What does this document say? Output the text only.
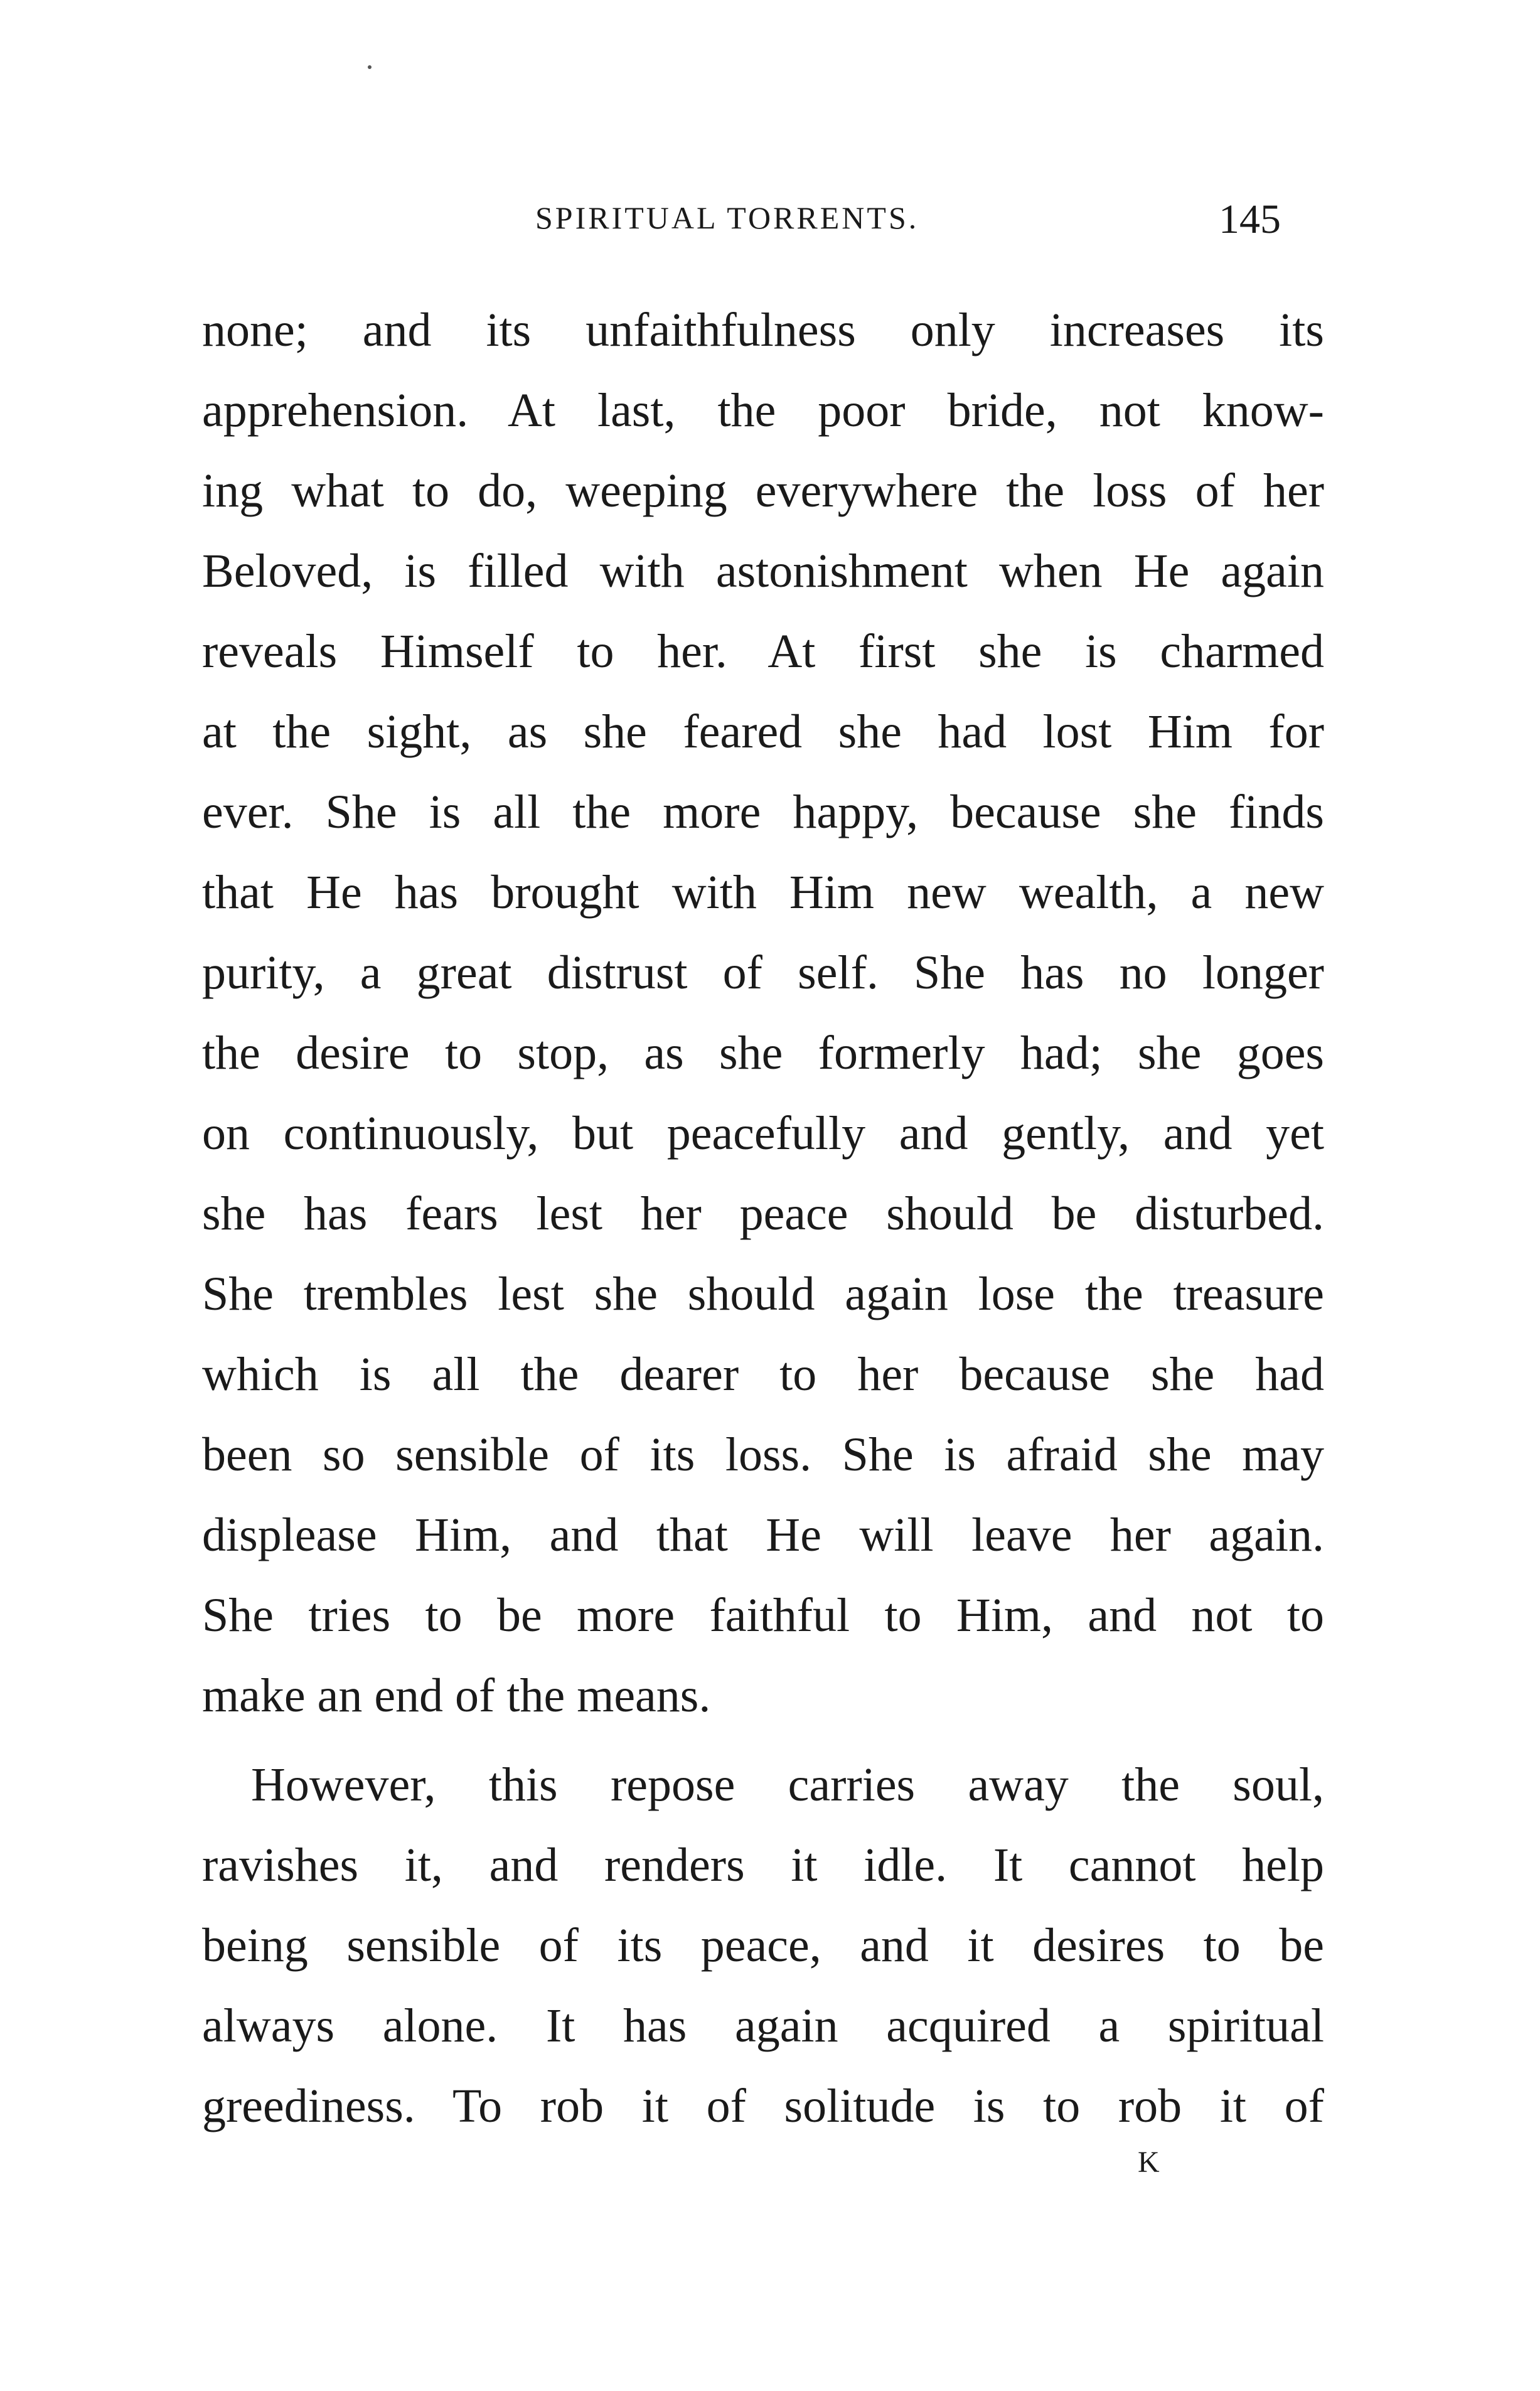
SPIRITUAL TORRENTS.	145
none; and its unfaithfulness only increases its
apprehension. At last, the poor bride, not know-
ing what to do, weeping everywhere the loss of her
Beloved, is filled with astonishment when He again
reveals Himself to her. At first she is charmed
at the sight, as she feared she had lost Him for
ever. She is all the more happy, because she finds
that He has brought with Him new wealth, a new
purity, a great distrust of self. She has no longer
the desire to stop, as she formerly had; she goes
on continuously, but peacefully and gently, and yet
she has fears lest her peace should be disturbed.
She trembles lest she should again lose the treasure
which is all the dearer to her because she had
been so sensible of its loss. She is afraid she may
displease Him, and that He will leave her again.
She tries to be more faithful to Him, and not to
make an end of the means.
However, this repose carries away the soul,
ravishes it, and renders it idle. It cannot help
being sensible of its peace, and it desires to be
always alone. It has again acquired a spiritual
greediness. To rob it of solitude is to rob it of
K
